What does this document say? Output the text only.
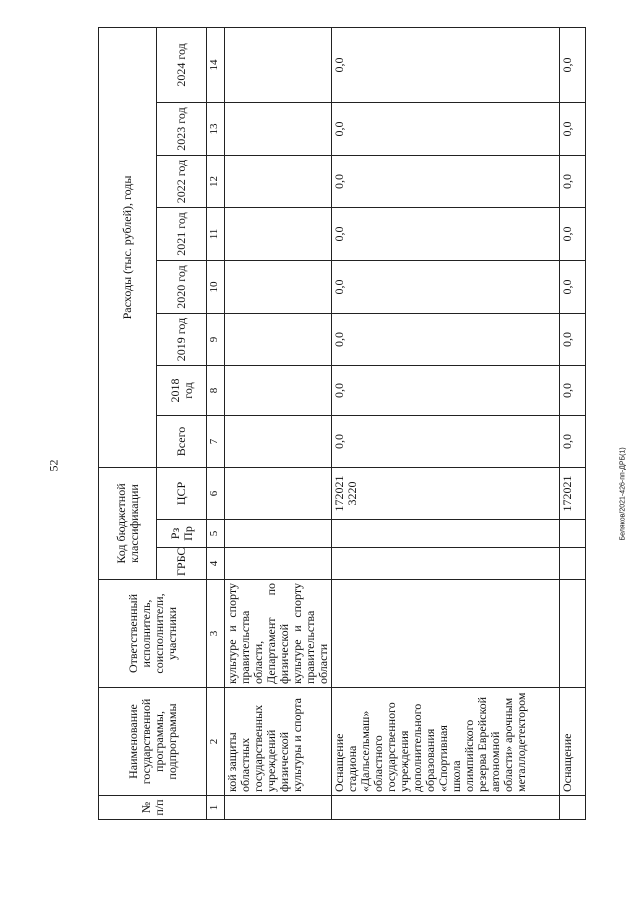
52	Беляков/2021-426-пп-ДРБ(1)
№ п/п	Наименование государственной программы, подпрограммы	Ответственный исполнитель, соисполнители, участники	Код бюджетной классификации			Расходы (тыс. рублей), годы							
			ГРБС	Рз Пр	ЦСР	Всего	2018 год	2019 год	2020 год	2021 год	2022 год	2023 год	2024 год
1	2	3	4	5	6	7	8	9	10	11	12	13	14
	кой защиты областных государственных учреждений физической культуры и спорта	культуре и спорту правительства области, Департамент по физической культуре и спорту правительства области											
	Оснащение стадиона «Дальсельмаш» областного государственного учреждения дополнительного образования «Спортивная школа олимпийского резерва Еврейской автономной области» арочным металлодетектором				172021 3220	0,0	0,0	0,0	0,0	0,0	0,0	0,0	0,0
	Оснащение				172021	0,0	0,0	0,0	0,0	0,0	0,0	0,0	0,0
